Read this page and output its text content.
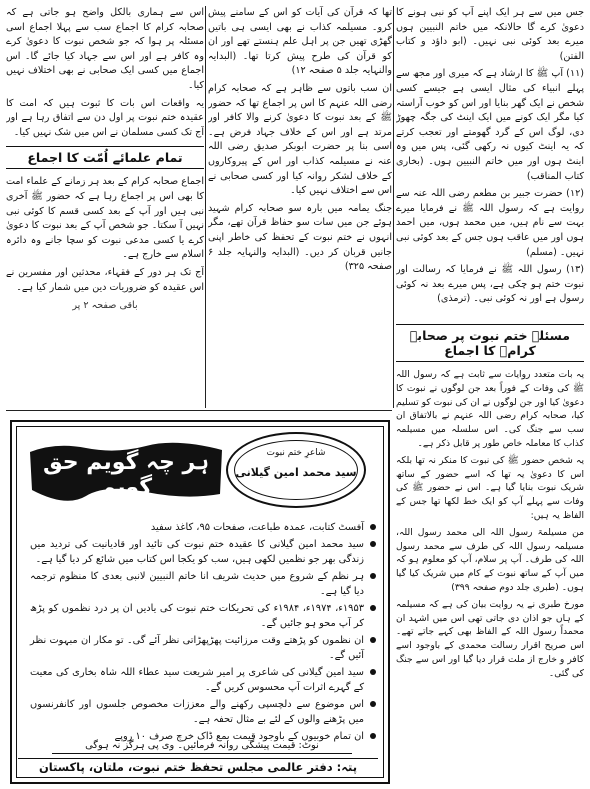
جس میں سے ہر ایک اپنے آپ کو نبی ہونے کا دعویٰ کرے گا حالانکہ میں خاتم النبیین ہوں میرے بعد کوئی نبی نہیں۔ (ابو داؤد و کتاب الفتن)

(۱۱) آپ ﷺ کا ارشاد ہے کہ میری اور مجھ سے پہلے انبیاء کی مثال ایسی ہے جیسے کسی شخص نے ایک گھر بنایا اور اس کو خوب آراستہ کیا مگر ایک کونے میں ایک اینٹ کی جگہ چھوڑ دی، لوگ اس کے گرد گھومتے اور تعجب کرتے کہ یہ اینٹ کیوں نہ رکھی گئی، پس میں وہ اینٹ ہوں اور میں خاتم النبیین ہوں۔ (بخاری کتاب المناقب)

(۱۲) حضرت جبیر بن مطعم رضی اللہ عنہ سے روایت ہے کہ رسول اللہ ﷺ نے فرمایا میرے بہت سے نام ہیں، میں محمد ہوں، میں احمد ہوں اور میں عاقب ہوں جس کے بعد کوئی نبی نہیں۔ (مسلم)

(۱۳) رسول اللہ ﷺ نے فرمایا کہ رسالت اور نبوت ختم ہو چکی ہے، پس میرے بعد نہ کوئی رسول ہے اور نہ کوئی نبی۔ (ترمذی)

مسئلہ ختم نبوت پر صحابہ کرامؓ کا اجماع

یہ بات متعدد روایات سے ثابت ہے کہ رسول اللہ ﷺ کی وفات کے فوراً بعد جن لوگوں نے نبوت کا دعویٰ کیا اور جن لوگوں نے ان کی نبوت کو تسلیم کیا، صحابہ کرام رضی اللہ عنہم نے بالاتفاق ان سب سے جنگ کی۔ اس سلسلہ میں مسیلمہ کذاب کا معاملہ خاص طور پر قابل ذکر ہے۔

یہ شخص حضور ﷺ کی نبوت کا منکر نہ تھا بلکہ اس کا دعویٰ یہ تھا کہ اسے حضور کے ساتھ شریک نبوت بنایا گیا ہے۔ اس نے حضور ﷺ کی وفات سے پہلے آپ کو ایک خط لکھا تھا جس کے الفاظ یہ ہیں:

من مسیلمۃ رسول اللہ الی محمد رسول اللہ، مسیلمہ رسول اللہ کی طرف سے محمد رسول اللہ کی طرف۔ آپ پر سلام، آپ کو معلوم ہو کہ میں آپ کے ساتھ نبوت کے کام میں شریک کیا گیا ہوں۔ (طبری جلد دوم صفحہ ۳۹۹)

مورخ طبری نے یہ روایت بیان کی ہے کہ مسیلمہ کے ہاں جو اذان دی جاتی تھی اس میں اشہد ان محمداً رسول اللہ کے الفاظ بھی کہے جاتے تھے۔ اس صریح اقرار رسالت محمدی کے باوجود اسے کافر و خارج از ملت قرار دیا گیا اور اس سے جنگ کی گئی۔

تھا کہ قرآن کی آیات کو اس کے سامنے پیش کرو۔ مسیلمہ کذاب نے بھی ایسی ہی باتیں گھڑی تھیں جن پر اہل علم ہنستے تھے اور ان کو قرآن کی طرح پیش کرتا تھا۔ (البدایہ والنہایہ جلد ۵ صفحہ ۱۲)

ان سب باتوں سے ظاہر ہے کہ صحابہ کرام رضی اللہ عنہم کا اس پر اجماع تھا کہ حضور ﷺ کے بعد نبوت کا دعویٰ کرنے والا کافر اور مرتد ہے اور اس کے خلاف جہاد فرض ہے۔ اسی بنا پر حضرت ابوبکر صدیق رضی اللہ عنہ نے مسیلمہ کذاب اور اس کے پیروکاروں کے خلاف لشکر روانہ کیا اور کسی صحابی نے اس سے اختلاف نہیں کیا۔

جنگ یمامہ میں بارہ سو صحابہ کرام شہید ہوئے جن میں سات سو حفاظ قرآن تھے، مگر انہوں نے ختم نبوت کے تحفظ کی خاطر اپنی جانیں قربان کر دیں۔ (البدایہ والنہایہ جلد ۶ صفحہ ۳۲۵)

اس سے ہماری بالکل واضح ہو جاتی ہے کہ صحابہ کرام کا اجماع سب سے پہلا اجماع اسی مسئلہ پر ہوا کہ جو شخص نبوت کا دعویٰ کرے وہ کافر ہے اور اس سے جہاد کیا جائے گا۔ اس اجماع میں کسی ایک صحابی نے بھی اختلاف نہیں کیا۔

یہ واقعات اس بات کا ثبوت ہیں کہ امت کا عقیدہ ختم نبوت پر اول دن سے اتفاق رہا ہے اور آج تک کسی مسلمان نے اس میں شک نہیں کیا۔

تمام علمائے اُمّت کا اجماع

اجماع صحابہ کرام کے بعد ہر زمانے کے علماء امت کا بھی اس پر اجماع رہا ہے کہ حضور ﷺ آخری نبی ہیں اور آپ کے بعد کسی قسم کا کوئی نبی نہیں آ سکتا۔ جو شخص آپ کے بعد نبوت کا دعویٰ کرے یا کسی مدعی نبوت کو سچا جانے وہ دائرہ اسلام سے خارج ہے۔

آج تک ہر دور کے فقہاء، محدثین اور مفسرین نے اس عقیدہ کو ضروریات دین میں شمار کیا ہے۔

باقی صفحہ ۲ پر

ہر چہ گویم حق گویم
شاعرِ ختم نبوت
سید محمد امین گیلانی
آفسٹ کتابت، عمدہ طباعت، صفحات ۹۵، کاغذ سفید
سید محمد امین گیلانی کا عقیدہ ختم نبوت کی تائید اور قادیانیت کی تردید میں زندگی بھر جو نظمیں لکھی ہیں، سب کو یکجا اس کتاب میں شائع کر دیا گیا ہے۔
ہر نظم کے شروع میں حدیث شریف انا خاتم النبیین لانبی بعدی کا منظوم ترجمہ دیا گیا ہے۔
۱۹۵۳ء، ۱۹۷۴ء، ۱۹۸۴ء کی تحریکات ختم نبوت کی یادیں ان پر درد نظموں کو پڑھ کر آپ محو ہو جائیں گے۔
ان نظموں کو پڑھتے وقت مرزائیت پھڑپھڑاتی نظر آئے گی۔ تو مکار ان مبہوت نظر آئیں گے۔
سید امین گیلانی کی شاعری پر امیر شریعت سید عطاء اللہ شاہ بخاری کی معیت کے گہرے اثرات آپ محسوس کریں گے۔
اس موضوع سے دلچسپی رکھنے والے معززات مخصوص جلسوں اور کانفرنسوں میں پڑھنے والوں کے لئے بے مثال تحفہ ہے۔
ان تمام خوبیوں کے باوجود قیمت بمع ڈاک خرچ صرف ۱۰ روپے
نوٹ: قیمت پیشگی روانہ فرمائیں۔ وی پی ہرگز نہ ہوگی
پتہ: دفتر عالمی مجلس تحفظ ختم نبوت، ملتان، پاکستان
